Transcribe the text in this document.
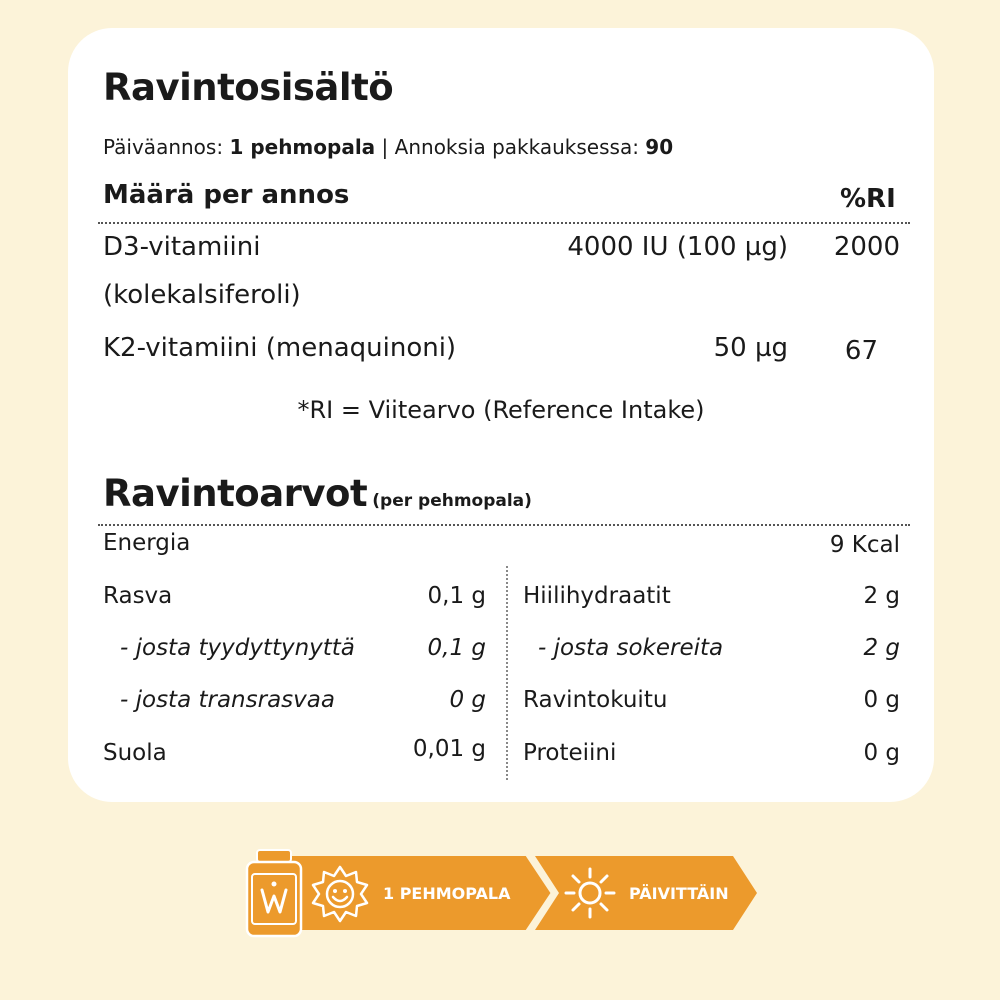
Ravintosisältö
Päiväannos: 1 pehmopala | Annoksia pakkauksessa: 90
Määrä per annos	%RI
D3-vitamiini
(kolekalsiferoli)
4000 IU (100 µg)	2000
K2-vitamiini (menaquinoni)	50 µg	67
*RI = Viitearvo (Reference Intake)
Ravintoarvot (per pehmopala)
Energia	9 Kcal
Rasva	0,1 g
- josta tyydyttynyttä	0,1 g
- josta transrasvaa	0 g
Suola	0,01 g
Hiilihydraatit	2 g
- josta sokereita	2 g
Ravintokuitu	0 g
Proteiini	0 g
1 PEHMOPALA	PÄIVITTÄIN
